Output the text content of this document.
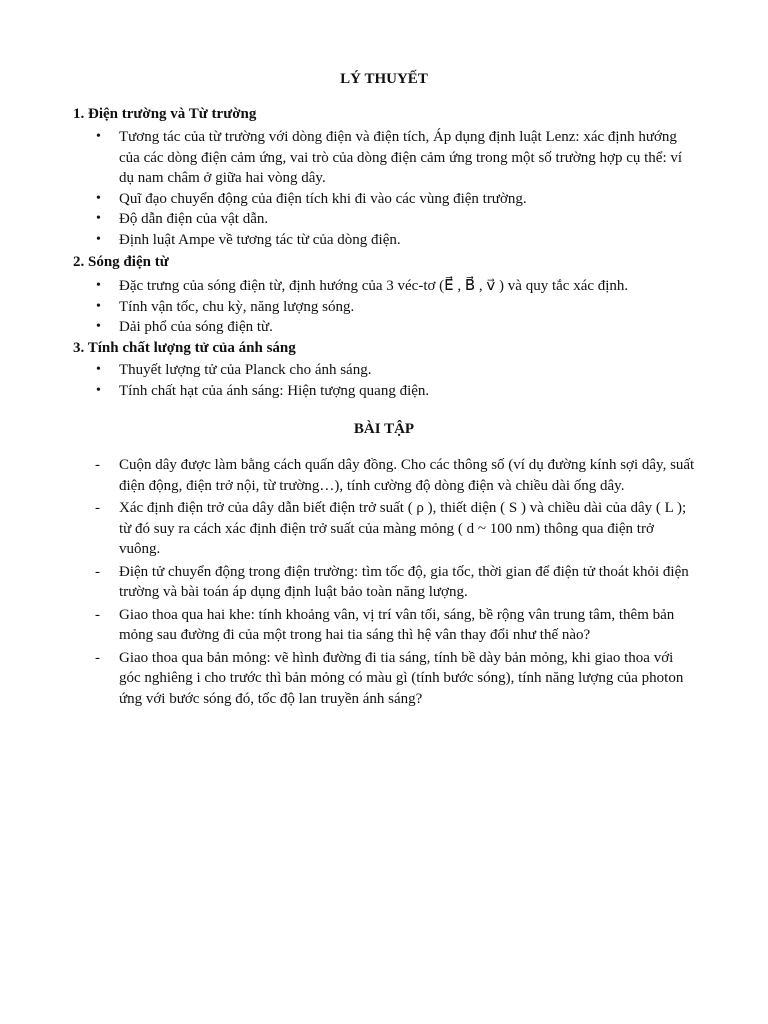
LÝ THUYẾT
1. Điện trường và Từ trường
• Tương tác của từ trường với dòng điện và điện tích, Áp dụng định luật Lenz: xác định hướng của các dòng điện cảm ứng, vai trò của dòng điện cảm ứng trong một số trường hợp cụ thể: ví dụ nam châm ở giữa hai vòng dây.
• Quĩ đạo chuyển động của điện tích khi đi vào các vùng điện trường.
• Độ dẫn điện của vật dẫn.
• Định luật Ampe về tương tác từ của dòng điện.
2. Sóng điện từ
• Đặc trưng của sóng điện từ, định hướng của 3 véc-tơ (E⃗ , B⃗ , v⃗ ) và quy tắc xác định.
• Tính vận tốc, chu kỳ, năng lượng sóng.
• Dải phổ của sóng điện từ.
3. Tính chất lượng tử của ánh sáng
• Thuyết lượng tử của Planck cho ánh sáng.
• Tính chất hạt của ánh sáng: Hiện tượng quang điện.
BÀI TẬP
- Cuộn dây được làm bằng cách quấn dây đồng. Cho các thông số (ví dụ đường kính sợi dây, suất điện động, điện trở nội, từ trường…), tính cường độ dòng điện và chiều dài ống dây.
- Xác định điện trở của dây dẫn biết điện trở suất ( ρ ), thiết diện ( S ) và chiều dài của dây ( L ); từ đó suy ra cách xác định điện trở suất của màng mỏng ( d ~ 100 nm) thông qua điện trở vuông.
- Điện tử chuyển động trong điện trường: tìm tốc độ, gia tốc, thời gian để điện tử thoát khỏi điện trường và bài toán áp dụng định luật bảo toàn năng lượng.
- Giao thoa qua hai khe: tính khoảng vân, vị trí vân tối, sáng, bề rộng vân trung tâm, thêm bản mỏng sau đường đi của một trong hai tia sáng thì hệ vân thay đổi như thế nào?
- Giao thoa qua bản mỏng: vẽ hình đường đi tia sáng, tính bề dày bản mỏng, khi giao thoa với góc nghiêng i cho trước thì bản mỏng có màu gì (tính bước sóng), tính năng lượng của photon ứng với bước sóng đó, tốc độ lan truyền ánh sáng?
